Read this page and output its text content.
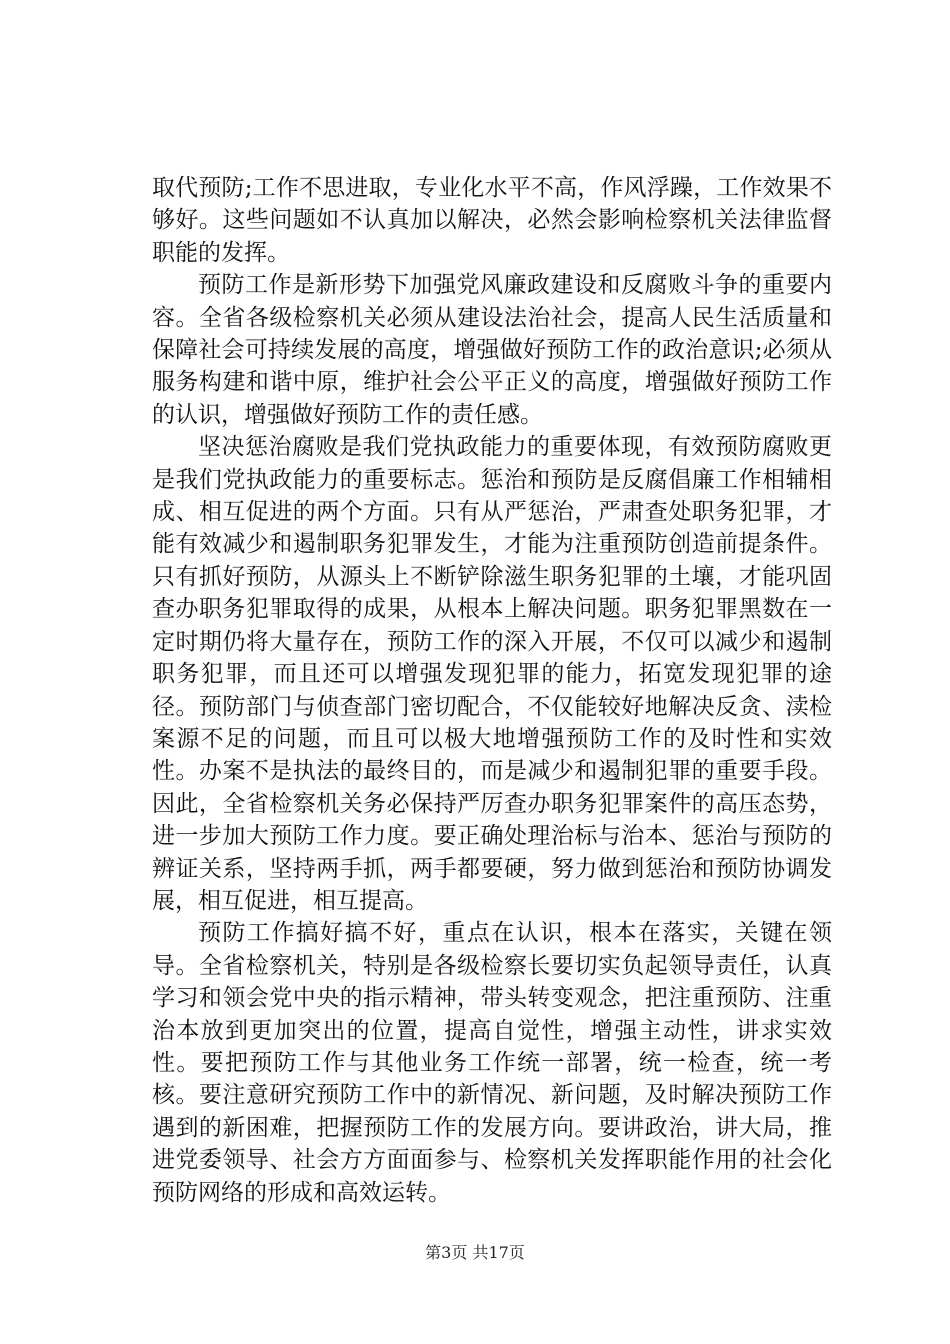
取代预防;工作不思进取，专业化水平不高，作风浮躁，工作效果不够好。这些问题如不认真加以解决，必然会影响检察机关法律监督职能的发挥。

预防工作是新形势下加强党风廉政建设和反腐败斗争的重要内容。全省各级检察机关必须从建设法治社会，提高人民生活质量和保障社会可持续发展的高度，增强做好预防工作的政治意识;必须从服务构建和谐中原，维护社会公平正义的高度，增强做好预防工作的认识，增强做好预防工作的责任感。

坚决惩治腐败是我们党执政能力的重要体现，有效预防腐败更是我们党执政能力的重要标志。惩治和预防是反腐倡廉工作相辅相成、相互促进的两个方面。只有从严惩治，严肃查处职务犯罪，才能有效减少和遏制职务犯罪发生，才能为注重预防创造前提条件。只有抓好预防，从源头上不断铲除滋生职务犯罪的土壤，才能巩固查办职务犯罪取得的成果，从根本上解决问题。职务犯罪黑数在一定时期仍将大量存在，预防工作的深入开展，不仅可以减少和遏制职务犯罪，而且还可以增强发现犯罪的能力，拓宽发现犯罪的途径。预防部门与侦查部门密切配合，不仅能较好地解决反贪、渎检案源不足的问题，而且可以极大地增强预防工作的及时性和实效性。办案不是执法的最终目的，而是减少和遏制犯罪的重要手段。因此，全省检察机关务必保持严厉查办职务犯罪案件的高压态势，进一步加大预防工作力度。要正确处理治标与治本、惩治与预防的辨证关系，坚持两手抓，两手都要硬，努力做到惩治和预防协调发展，相互促进，相互提高。

预防工作搞好搞不好，重点在认识，根本在落实，关键在领导。全省检察机关，特别是各级检察长要切实负起领导责任，认真学习和领会党中央的指示精神，带头转变观念，把注重预防、注重治本放到更加突出的位置，提高自觉性，增强主动性，讲求实效性。要把预防工作与其他业务工作统一部署，统一检查，统一考核。要注意研究预防工作中的新情况、新问题，及时解决预防工作遇到的新困难，把握预防工作的发展方向。要讲政治，讲大局，推进党委领导、社会方方面面参与、检察机关发挥职能作用的社会化预防网络的形成和高效运转。

第3页 共17页
